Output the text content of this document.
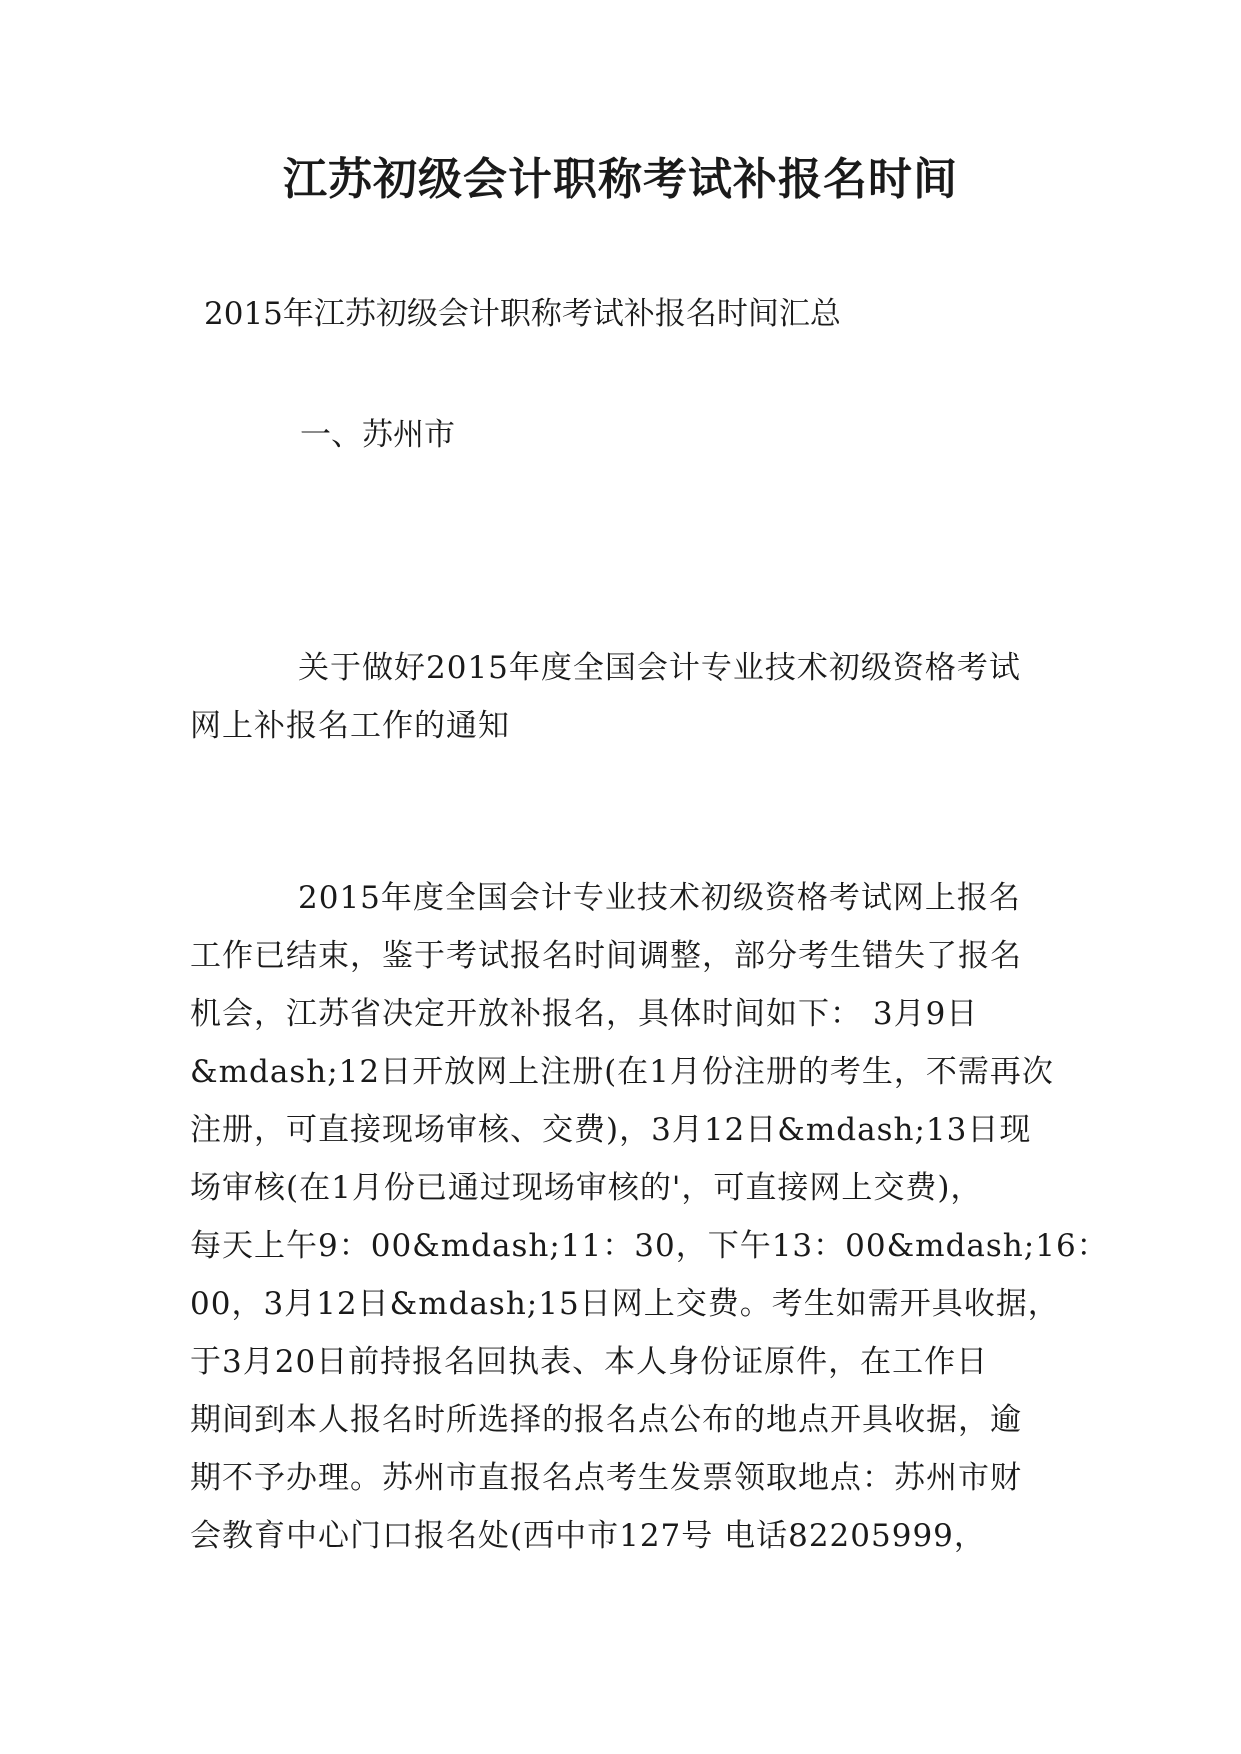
江苏初级会计职称考试补报名时间

2015年江苏初级会计职称考试补报名时间汇总

一、苏州市

关于做好2015年度全国会计专业技术初级资格考试
网上补报名工作的通知
2015年度全国会计专业技术初级资格考试网上报名
工作已结束，鉴于考试报名时间调整，部分考生错失了报名
机会，江苏省决定开放补报名，具体时间如下： 3月9日
&mdash;12日开放网上注册(在1月份注册的考生，不需再次
注册，可直接现场审核、交费)，3月12日&mdash;13日现
场审核(在1月份已通过现场审核的'，可直接网上交费)，
每天上午9：00&mdash;11：30，下午13：00&mdash;16：
00，3月12日&mdash;15日网上交费。考生如需开具收据，
于3月20日前持报名回执表、本人身份证原件，在工作日
期间到本人报名时所选择的报名点公布的地点开具收据，逾
期不予办理。苏州市直报名点考生发票领取地点：苏州市财
会教育中心门口报名处(西中市127号 电话82205999，
